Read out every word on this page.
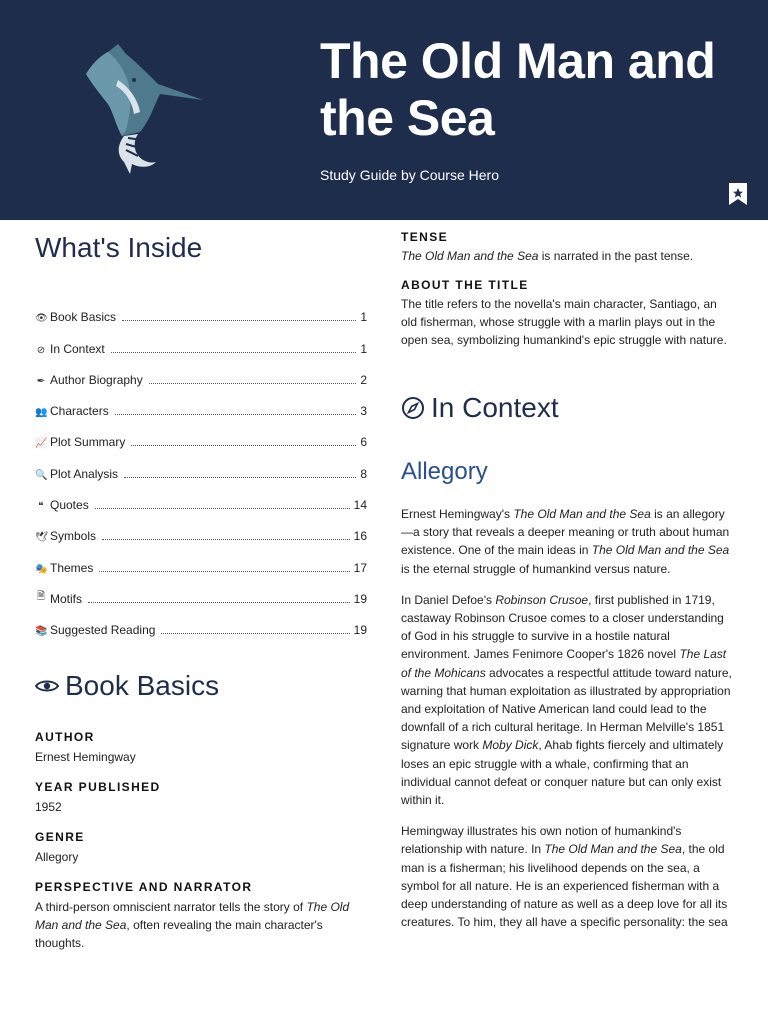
The Old Man and the Sea
Study Guide by Course Hero
What's Inside
👁 Book Basics	1
⊘ In Context	1
✒ Author Biography	2
👥 Characters	3
📈 Plot Summary	6
🔍 Plot Analysis	8
❝ Quotes	14
🕊 Symbols	16
🎭 Themes	17
🗎 Motifs	19
📚 Suggested Reading	19
Book Basics
AUTHOR
Ernest Hemingway
YEAR PUBLISHED
1952
GENRE
Allegory
PERSPECTIVE AND NARRATOR
A third-person omniscient narrator tells the story of The Old Man and the Sea, often revealing the main character's thoughts.
TENSE
The Old Man and the Sea is narrated in the past tense.
ABOUT THE TITLE
The title refers to the novella's main character, Santiago, an old fisherman, whose struggle with a marlin plays out in the open sea, symbolizing humankind's epic struggle with nature.
In Context
Allegory

Ernest Hemingway's The Old Man and the Sea is an allegory—a story that reveals a deeper meaning or truth about human existence. One of the main ideas in The Old Man and the Sea is the eternal struggle of humankind versus nature.

In Daniel Defoe's Robinson Crusoe, first published in 1719, castaway Robinson Crusoe comes to a closer understanding of God in his struggle to survive in a hostile natural environment. James Fenimore Cooper's 1826 novel The Last of the Mohicans advocates a respectful attitude toward nature, warning that human exploitation as illustrated by appropriation and exploitation of Native American land could lead to the downfall of a rich cultural heritage. In Herman Melville's 1851 signature work Moby Dick, Ahab fights fiercely and ultimately loses an epic struggle with a whale, confirming that an individual cannot defeat or conquer nature but can only exist within it.

Hemingway illustrates his own notion of humankind's relationship with nature. In The Old Man and the Sea, the old man is a fisherman; his livelihood depends on the sea, a symbol for all nature. He is an experienced fisherman with a deep understanding of nature as well as a deep love for all its creatures. To him, they all have a specific personality: the sea
